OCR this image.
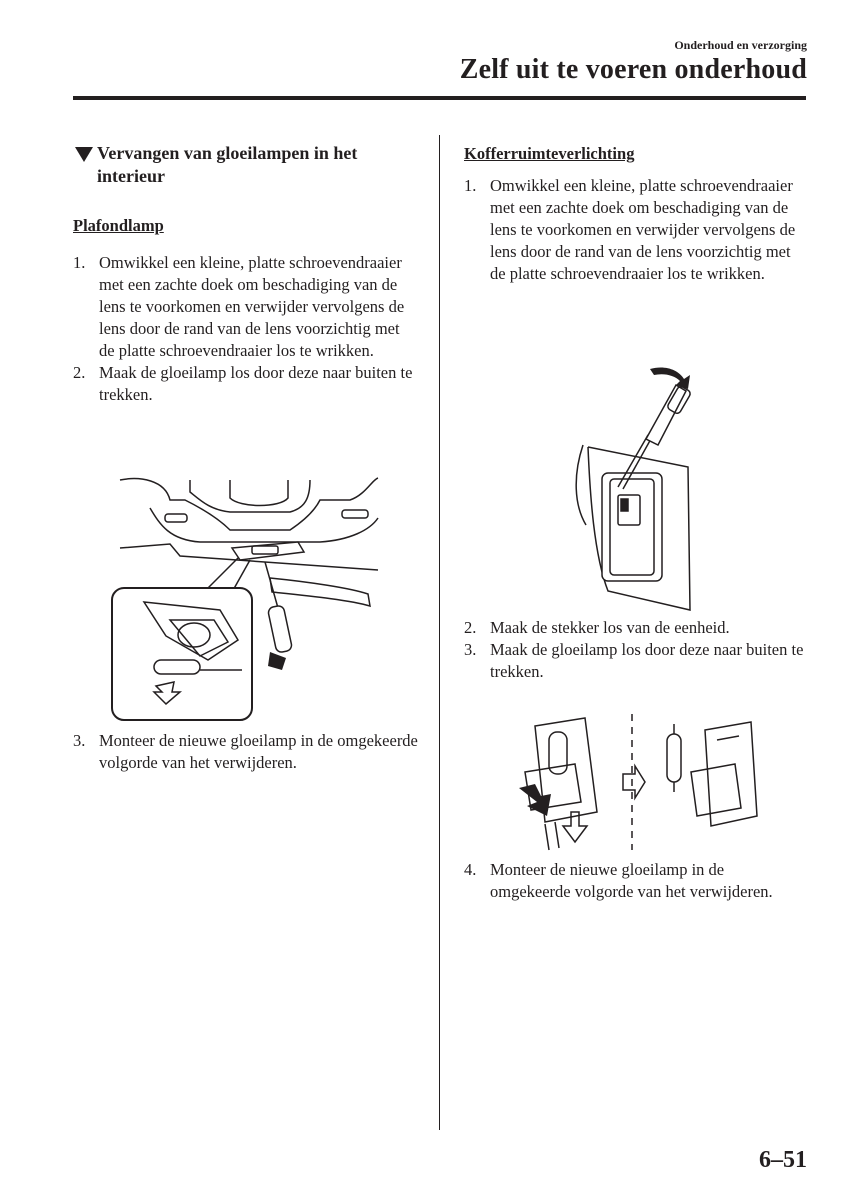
Onderhoud en verzorging
Zelf uit te voeren onderhoud
Vervangen van gloeilampen in het interieur
Plafondlamp
1. Omwikkel een kleine, platte schroevendraaier met een zachte doek om beschadiging van de lens te voorkomen en verwijder vervolgens de lens door de rand van de lens voorzichtig met de platte schroevendraaier los te wrikken.
2. Maak de gloeilamp los door deze naar buiten te trekken.
3. Monteer de nieuwe gloeilamp in de omgekeerde volgorde van het verwijderen.
Kofferruimteverlichting
1. Omwikkel een kleine, platte schroevendraaier met een zachte doek om beschadiging van de lens te voorkomen en verwijder vervolgens de lens door de rand van de lens voorzichtig met de platte schroevendraaier los te wrikken.
2. Maak de stekker los van de eenheid.
3. Maak de gloeilamp los door deze naar buiten te trekken.
4. Monteer de nieuwe gloeilamp in de omgekeerde volgorde van het verwijderen.
6–51
